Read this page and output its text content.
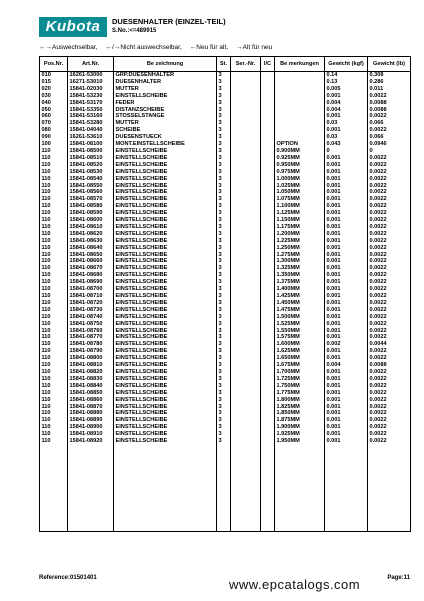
Kubota	DUESENHALTER (EINZEL-TEIL)
S.No.:<=489915
←→Auswechselbar, ←/→Nicht auswechselbar, ←Neu für alt, →Alt für neu
Pos.Nr.	Art.Nr.	Be zeichnung	St.	Ser.-Nr.	I/C	Be merkungen	Gewicht (kgf)	Gewicht (lb)
010	16261-53000	GRP.DUESENHALTER	3				0.14	0.308
015	16271-53010	DUESENHALTER	3				0.13	0.286
020	15841-02030	MUTTER	3				0.005	0.011
030	15841-53230	EINSTELLSCHEIBE	3				0.001	0.0022
040	15841-53170	FEDER	3				0.004	0.0088
050	15841-53350	DISTANZSCHEIBE	3				0.004	0.0088
060	15841-53160	STOSSELSTANGE	3				0.001	0.0022
070	15841-53280	MUTTER	3				0.03	0.066
080	15841-04040	SCHEIBE	3				0.001	0.0022
090	16261-53610	DUESENSTUECK	3				0.03	0.066
100	15841-08100	MONT.EINSTELLSCHEIBE	3			OPTION	0.043	0.0946
110	15841-08500	EINSTELLSCHEIBE	3			0.900MM	0	0
110	15841-08510	EINSTELLSCHEIBE	3			0.925MM	0.001	0.0022
110	15841-08520	EINSTELLSCHEIBE	3			0.950MM	0.001	0.0022
110	15841-08530	EINSTELLSCHEIBE	3			0.975MM	0.001	0.0022
110	15841-08540	EINSTELLSCHEIBE	3			1.000MM	0.001	0.0022
110	15841-08550	EINSTELLSCHEIBE	3			1.025MM	0.001	0.0022
110	15841-08560	EINSTELLSCHEIBE	3			1.050MM	0.001	0.0022
110	15841-08570	EINSTELLSCHEIBE	3			1.075MM	0.001	0.0022
110	15841-08580	EINSTELLSCHEIBE	3			1.100MM	0.001	0.0022
110	15841-08590	EINSTELLSCHEIBE	3			1.125MM	0.001	0.0022
110	15841-08600	EINSTELLSCHEIBE	3			1.150MM	0.001	0.0022
110	15841-08610	EINSTELLSCHEIBE	3			1.175MM	0.001	0.0022
110	15841-08620	EINSTELLSCHEIBE	3			1.200MM	0.001	0.0022
110	15841-08630	EINSTELLSCHEIBE	3			1.225MM	0.001	0.0022
110	15841-08640	EINSTELLSCHEIBE	3			1.250MM	0.001	0.0022
110	15841-08650	EINSTELLSCHEIBE	3			1.275MM	0.001	0.0022
110	15841-08660	EINSTELLSCHEIBE	3			1.300MM	0.001	0.0022
110	15841-08670	EINSTELLSCHEIBE	3			1.325MM	0.001	0.0022
110	15841-08680	EINSTELLSCHEIBE	3			1.350MM	0.001	0.0022
110	15841-08690	EINSTELLSCHEIBE	3			1.375MM	0.001	0.0022
110	15841-08700	EINSTELLSCHEIBE	3			1.400MM	0.001	0.0022
110	15841-08710	EINSTELLSCHEIBE	3			1.425MM	0.001	0.0022
110	15841-08720	EINSTELLSCHEIBE	3			1.450MM	0.001	0.0022
110	15841-08730	EINSTELLSCHEIBE	3			1.475MM	0.001	0.0022
110	15841-08740	EINSTELLSCHEIBE	3			1.500MM	0.001	0.0022
110	15841-08750	EINSTELLSCHEIBE	3			1.525MM	0.001	0.0022
110	15841-08760	EINSTELLSCHEIBE	3			1.550MM	0.001	0.0022
110	15841-08770	EINSTELLSCHEIBE	3			1.575MM	0.001	0.0022
110	15841-08780	EINSTELLSCHEIBE	3			1.600MM	0.002	0.0044
110	15841-08790	EINSTELLSCHEIBE	3			1.625MM	0.001	0.0022
110	15841-08800	EINSTELLSCHEIBE	3			1.650MM	0.001	0.0022
110	15841-08810	EINSTELLSCHEIBE	3			1.675MM	0.004	0.0088
110	15841-08820	EINSTELLSCHEIBE	3			1.700MM	0.001	0.0022
110	15841-08830	EINSTELLSCHEIBE	3			1.725MM	0.001	0.0022
110	15841-08840	EINSTELLSCHEIBE	3			1.750MM	0.001	0.0022
110	15841-08850	EINSTELLSCHEIBE	3			1.775MM	0.001	0.0022
110	15841-08860	EINSTELLSCHEIBE	3			1.800MM	0.001	0.0022
110	15841-08870	EINSTELLSCHEIBE	3			1.825MM	0.001	0.0022
110	15841-08880	EINSTELLSCHEIBE	3			1.850MM	0.001	0.0022
110	15841-08890	EINSTELLSCHEIBE	3			1.875MM	0.001	0.0022
110	15841-08900	EINSTELLSCHEIBE	3			1.900MM	0.001	0.0022
110	15841-08910	EINSTELLSCHEIBE	3			1.925MM	0.001	0.0022
110	15841-08920	EINSTELLSCHEIBE	3			1.950MM	0.001	0.0022

Reference:01501401	www.epcatalogs.com	Page:11
